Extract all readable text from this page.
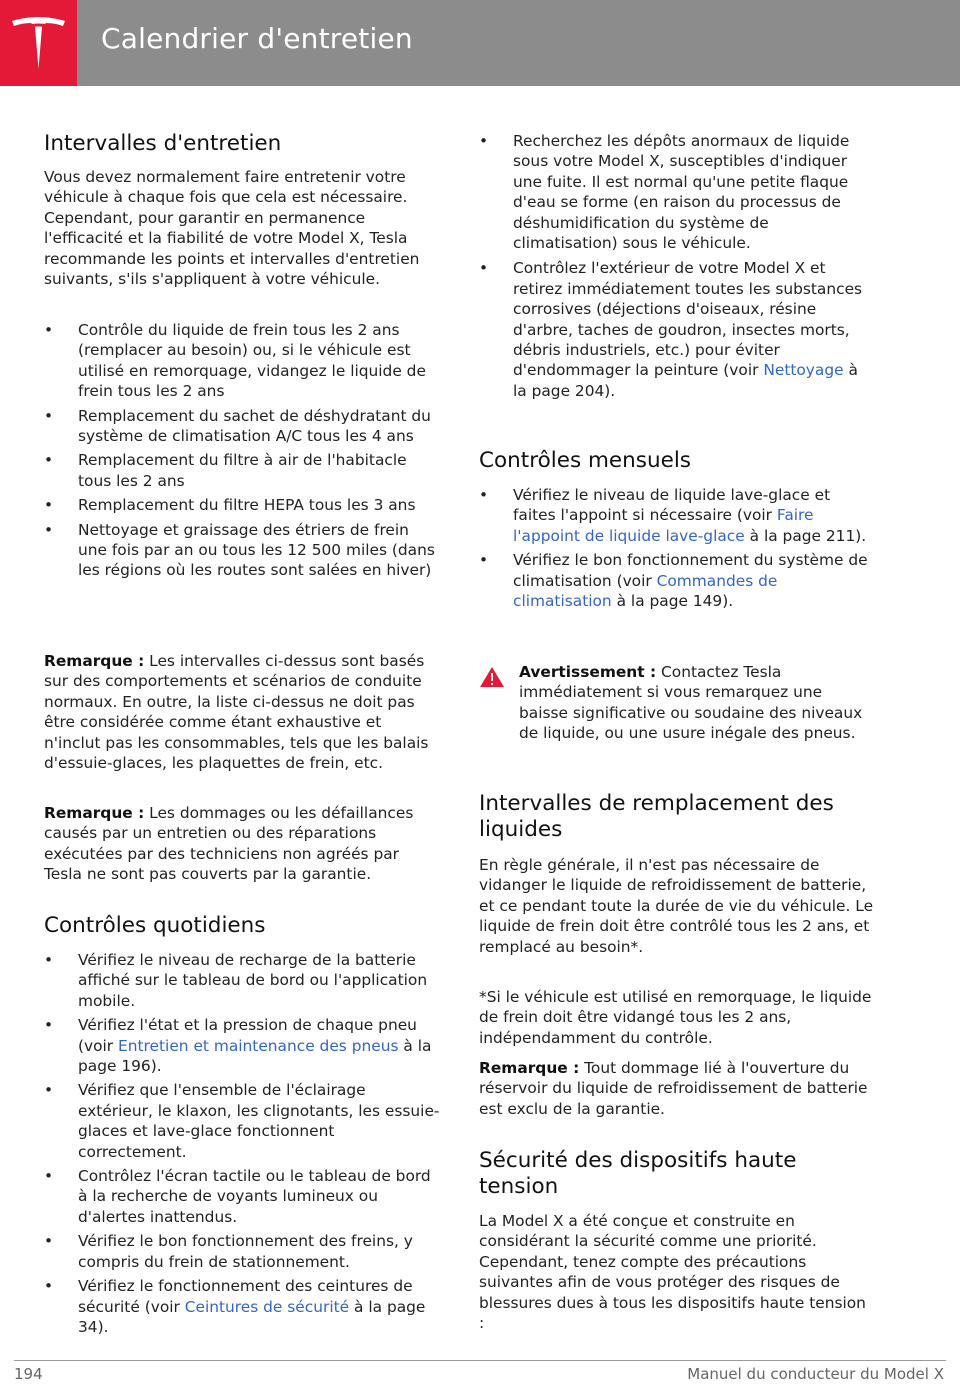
Calendrier d'entretien
Intervalles d'entretien
Vous devez normalement faire entretenir votre véhicule à chaque fois que cela est nécessaire. Cependant, pour garantir en permanence l'efficacité et la fiabilité de votre Model X, Tesla recommande les points et intervalles d'entretien suivants, s'ils s'appliquent à votre véhicule.
• Contrôle du liquide de frein tous les 2 ans (remplacer au besoin) ou, si le véhicule est utilisé en remorquage, vidangez le liquide de frein tous les 2 ans
• Remplacement du sachet de déshydratant du système de climatisation A/C tous les 4 ans
• Remplacement du filtre à air de l'habitacle tous les 2 ans
• Remplacement du filtre HEPA tous les 3 ans
• Nettoyage et graissage des étriers de frein une fois par an ou tous les 12 500 miles (dans les régions où les routes sont salées en hiver)
Remarque : Les intervalles ci-dessus sont basés sur des comportements et scénarios de conduite normaux. En outre, la liste ci-dessus ne doit pas être considérée comme étant exhaustive et n'inclut pas les consommables, tels que les balais d'essuie-glaces, les plaquettes de frein, etc.
Remarque : Les dommages ou les défaillances causés par un entretien ou des réparations exécutées par des techniciens non agréés par Tesla ne sont pas couverts par la garantie.
Contrôles quotidiens
• Vérifiez le niveau de recharge de la batterie affiché sur le tableau de bord ou l'application mobile.
• Vérifiez l'état et la pression de chaque pneu (voir Entretien et maintenance des pneus à la page 196).
• Vérifiez que l'ensemble de l'éclairage extérieur, le klaxon, les clignotants, les essuie-glaces et lave-glace fonctionnent correctement.
• Contrôlez l'écran tactile ou le tableau de bord à la recherche de voyants lumineux ou d'alertes inattendus.
• Vérifiez le bon fonctionnement des freins, y compris du frein de stationnement.
• Vérifiez le fonctionnement des ceintures de sécurité (voir Ceintures de sécurité à la page 34).
• Recherchez les dépôts anormaux de liquide sous votre Model X, susceptibles d'indiquer une fuite. Il est normal qu'une petite flaque d'eau se forme (en raison du processus de déshumidification du système de climatisation) sous le véhicule.
• Contrôlez l'extérieur de votre Model X et retirez immédiatement toutes les substances corrosives (déjections d'oiseaux, résine d'arbre, taches de goudron, insectes morts, débris industriels, etc.) pour éviter d'endommager la peinture (voir Nettoyage à la page 204).
Contrôles mensuels
• Vérifiez le niveau de liquide lave-glace et faites l'appoint si nécessaire (voir Faire l'appoint de liquide lave-glace à la page 211).
• Vérifiez le bon fonctionnement du système de climatisation (voir Commandes de climatisation à la page 149).
Avertissement : Contactez Tesla immédiatement si vous remarquez une baisse significative ou soudaine des niveaux de liquide, ou une usure inégale des pneus.
Intervalles de remplacement des liquides
En règle générale, il n'est pas nécessaire de vidanger le liquide de refroidissement de batterie, et ce pendant toute la durée de vie du véhicule. Le liquide de frein doit être contrôlé tous les 2 ans, et remplacé au besoin*.
*Si le véhicule est utilisé en remorquage, le liquide de frein doit être vidangé tous les 2 ans, indépendamment du contrôle.
Remarque : Tout dommage lié à l'ouverture du réservoir du liquide de refroidissement de batterie est exclu de la garantie.
Sécurité des dispositifs haute tension
La Model X a été conçue et construite en considérant la sécurité comme une priorité. Cependant, tenez compte des précautions suivantes afin de vous protéger des risques de blessures dues à tous les dispositifs haute tension :
194	Manuel du conducteur du Model X
